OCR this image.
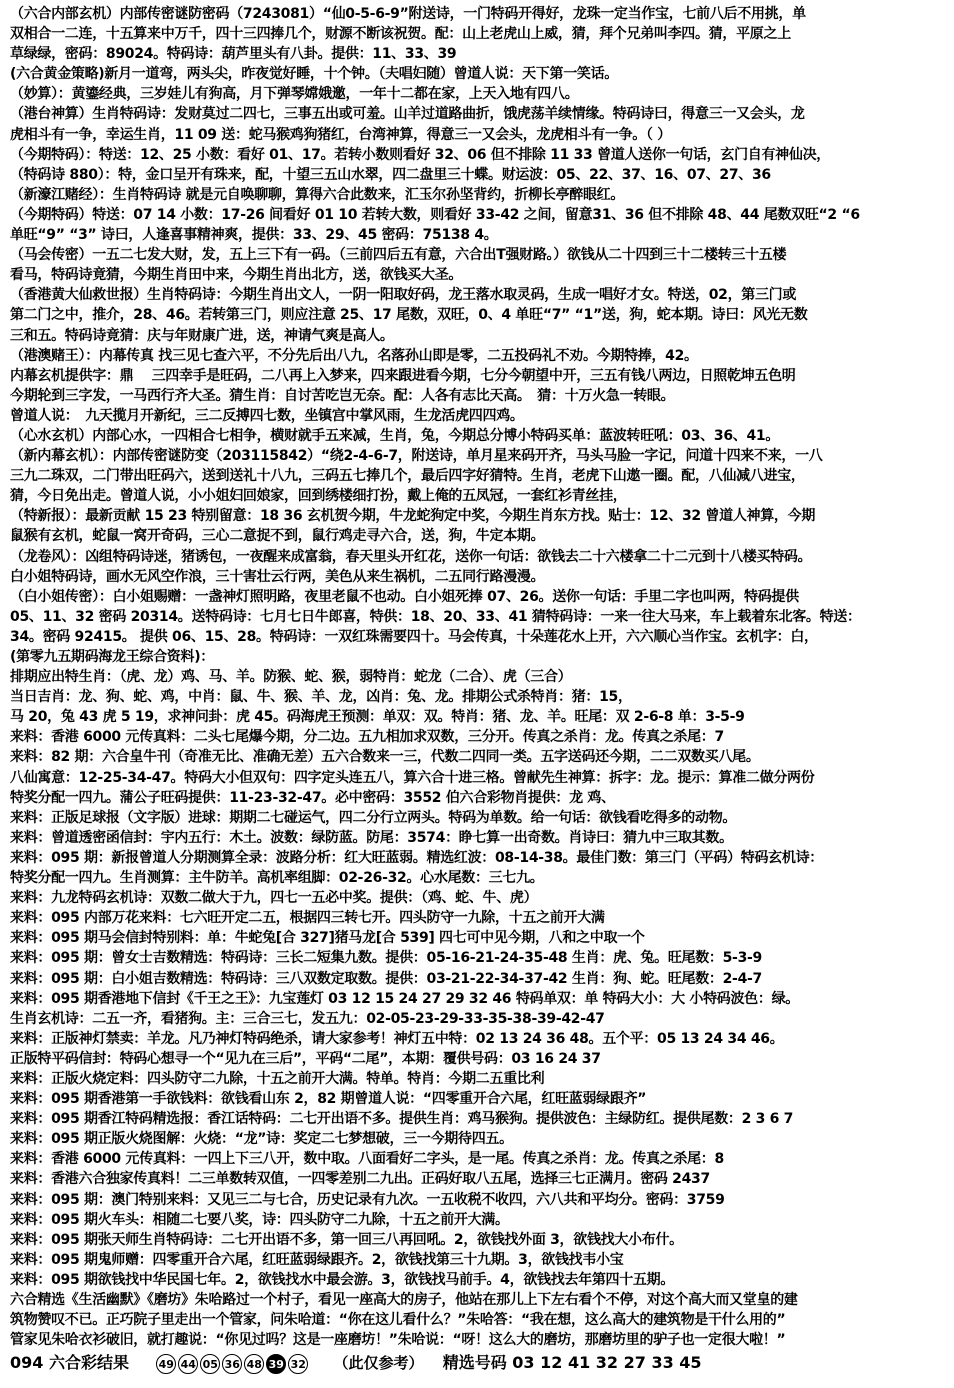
（六合内部玄机）内部传密谜防密码（7243081）“仙0-5-6-9”附送诗，一门特码开得好，龙珠一定当作宝，七前八后不用挑，单

双相合一二连，十五算来中万千，四十三四捧几个，财源不断该祝贺。配：山上老虎山上威，猜，拜个兄弟叫李四。猜，平原之上

草绿绿，密码：89024。特码诗：葫芦里头有八卦。提供：11、33、39

(六合黄金策略)新月一道弯，两头尖，昨夜觉好睡，十个钟。（夫唱妇随）曾道人说：天下第一笑话。

（妙算）：黄鎏经典，三岁娃儿有狗高，月下弹琴嫦娥邀，一年十二都在家，上天入地有四八。

（港台神算）生肖特码诗：发财莫过二四七，三事五出或可羞。山羊过道路曲折，饿虎荡羊续情缘。特码诗曰，得意三一又会头，龙

虎相斗有一争，幸运生肖，11 09 送：蛇马猴鸡狗猪红，台湾神算，得意三一又会头，龙虎相斗有一争。（ ）

（今期特码）：特送：12、25 小数：看好 01、17。若转小数则看好 32、06 但不排除 11 33 曾道人送你一句话，玄门自有神仙决，

（特码诗 880）：特，金口呈开有珠来，配，十望三五山水翠，四二盘里三十蝶。财运波：05、22、37、16、07、27、36

（新濠江赌经）：生肖特码诗 就是元自唤聊聊，算得六合此数来，汇玉尔孙坚背约，折柳长亭醉眼红。

（今期特码）特送：07 14 小数：17-26 间看好 01 10 若转大数，则看好 33-42 之间，留意31、36 但不排除 48、44 尾数双旺“2 “6

单旺“9” “3” 诗曰，人逢喜事精神爽，提供：33、29、45 密码：75138 4。

（马会传密）一五二七发大财，发，五上三下有一码。（三前四后五有意，六合出T强财路。）欲钱从二十四到三十二楼转三十五楼

看马，特码诗竟猜，今期生肖田中来，今期生肖出北方，送，欲钱买大圣。

（香港黄大仙救世报）生肖特码诗：今期生肖出文人，一阴一阳取好码，龙王落水取灵码，生成一唱好才女。特送，02，第三门或

第二门之中，推介，28、46。若转第三门，则应注意 25、17 尾数，双旺，0、4 单旺“7” “1”送，狗，蛇本期。诗曰：风光无数

三和五。特码诗竟猜：庆与年财康广进，送，神请气爽是高人。

（港澳赌王）：内幕传真 找三见七查六平，不分先后出八九，名落孙山即是零，二五投码礼不劝。今期特捧，42。

内幕玄机提供字：鼎　 三四幸手是旺码，二八再上入梦来，四来跟进看今期，七分今朝望中开，三五有钱八两边，日照乾坤五色明

今期轮到三字发，一马西行齐大圣。猜生肖：自讨苦吃岂无奈。配：人各有志比天高。　猜：十万火急一转眼。

曾道人说：　九天揽月开新纪，三二反搏四七数，坐镇宫中掌风雨，生龙活虎四四鸡。

（心水玄机）内部心水，一四相合七相争，横财就手五来减，生肖，兔，今期总分博小特码买单：蓝波转旺吼：03、36、41。

（新内幕玄机）：内部传密谜防变（203115842）“绕2-4-6-7，附送诗，单月星来码开齐，马头马脸一字记，问道十四来不来，一八

三九二珠双，二门带出旺码六，送到送礼十八九，三码五七捧几个，最后四字好猜特。生肖，老虎下山遨一圈。配，八仙减八进宝，

猜，今日免出走。曾道人说，小小姐妇回娘家，回到绣楼细打扮，戴上俺的五凤冠，一套红衫青丝挂，

（特新报）：最新贡献 15 23 特别留意：18 36 玄机贺今期，牛龙蛇狗定中奖，今期生肖东方找。贴士：12、32 曾道人神算，今期

鼠猴有玄机，蛇鼠一窝开奇码，三心二意捉不到，鼠行鸡走寻六合，送，狗，牛定本期。

（龙卷风）：凶组特码诗迷，猪诱包，一夜醒来成富翁，春天里头开红花，送你一句话：欲钱去二十六楼拿二十二元到十八楼买特码。

白小姐特码诗，画水无风空作浪，三十害壮云行两，美色从来生祸机，二五同行路漫漫。

（白小姐传密）：白小姐赐赠：一盏神灯照明路，夜里老鼠不也动。白小姐死捧 07、26。送你一句话：手里二字也叫两，特码提供

05、11、32 密码 20314。送特码诗：七月七日牛郎喜，特供：18、20、33、41 猜特码诗：一来一往大马来，车上载着东北客。特送：

34。密码 92415。 提供 06、15、28。特码诗：一双红珠需要四十。马会传真，十朵莲花水上开，六六顺心当作宝。玄机字：白，

(第零九五期码海龙王综合资料)：

排期应出特生肖：（虎、龙）鸡、马、羊。防猴、蛇、猴，弱特肖：蛇龙（二合）、虎（三合）

当日吉肖：龙、狗、蛇、鸡，中肖：鼠、牛、猴、羊、龙，凶肖：兔、龙。排期公式杀特肖：猪：15，

马 20，兔 43 虎 5 19，求神问卦：虎 45。码海虎王预测：单双：双。特肖：猪、龙、羊。旺尾：双 2-6-8 单：3-5-9

来料：香港 6000 元传真料：二头七尾爆今期，分二边。五九相加求双数，三分开。传真之杀肖：龙。传真之杀尾：7

来料：82 期：六合皇牛刊（奇准无比、准确无差）五六合数来一三，代数二四同一类。五字送码还今期，二二双数买八尾。

八仙寓意：12-25-34-47。特码大小但双句：四字定头连五八，算六合十进三格。曾献先生神算：拆字：龙。提示：算准二做分两份

特奖分配一四九。蒲公子旺码提供：11-23-32-47。必中密码：3552 伯六合彩物肖提供：龙 鸡、

来料：正版足球报（文字版）进球：期期二七碰运气，四二分行立两头。特码为单数。给一句话：欲钱看吃得多的动物。

来料：曾道透密函信封：宇内五行：木土。波数：绿防蓝。防尾：3574：睁七算一出奇数。肖诗曰：猜九中三取其数。

来料：095 期：新报曾道人分期测算全录：波路分析：红大旺蓝弱。精选红波：08-14-38。最佳门数：第三门（平码）特码玄机诗：

特奖分配一四九。生肖测算：主牛防羊。高机率组脚：02-26-32。心水尾数：三七九。

来料：九龙特码玄机诗：双数二做大于九，四七一五必中奖。提供：（鸡、蛇、牛、虎）

来料：095 内部万花来料：七六旺开定二五，根据四三转七开。四头防守一九除，十五之前开大满

来料：095 期马会信封特别料：单：牛蛇兔[合 327]猪马龙[合 539] 四七可中见今期，八和之中取一个

来料：095 期：曾女士吉数精选：特码诗：三长二短集九数。提供：05-16-21-24-35-48 生肖：虎、兔。旺尾数：5-3-9

来料：095 期：白小姐吉数精选：特码诗：三八双数定取数。提供：03-21-22-34-37-42 生肖：狗、蛇。旺尾数：2-4-7

来料：095 期香港地下信封《千王之王》：九宝莲灯 03 12 15 24 27 29 32 46 特码单双：单 特码大小：大 小特码波色：绿。

生肖玄机诗：二五一齐，看猪狗。主：三合三七，发五九：02-05-23-29-33-35-38-39-42-47

来料：正版神灯禁卖：羊龙。凡乃神灯特码绝杀，请大家参考！神灯五中特：02 13 24 36 48。五个平：05 13 24 34 46。

正版特平码信封：特码心想寻一个“见九在三后”，平码“二尾”，本期：覆供号码：03 16 24 37

来料：正版火烧定料：四头防守二九除，十五之前开大满。特单。特肖：今期二五重比利

来料：095 期香港第一手欲钱料：欲钱看山东 2，82 期曾道人说：“四零重开合六尾，红旺蓝弱绿跟齐”

来料：095 期香江特码精选报：香江话特码：二七开出语不多。提供生肖：鸡马猴狗。提供波色：主绿防红。提供尾数：2 3 6 7

来料：095 期正版火烧图解：火烧：“龙”诗：奖定二七梦想破，三一今期待四五。

来料：香港 6000 元传真料：一四上下三八开，数中取。八面看好二字头，是一尾。传真之杀肖：龙。传真之杀尾：8

来料：香港六合独家传真料！二三单数转双值，一四零差别二九出。正码好取八五尾，选择三七正满月。密码 2437

来料：095 期：澳门特别来料：又见三二与七合，历史记录有九次。一五收税不收四，六八共和平均分。密码：3759

来料：095 期火车头：相随二七要八奖，诗：四头防守二九除，十五之前开大满。

来料：095 期张天师生肖特码诗：二七开出语不多，第一回三八再回吼。2，欲钱找外面 3，欲钱找大小布什。

来料：095 期鬼师赠：四零重开合六尾，红旺蓝弱绿跟齐。2，欲钱找第三十九期。3，欲钱找韦小宝

来料：095 期欲钱找中华民国七年。2，欲钱找水中最会游。3，欲钱找马前手。4，欲钱找去年第四十五期。

六合精选《生活幽默》《磨坊》朱哈路过一个村子，看见一座高大的房子，他站在那儿上下左右看个不停，对这个高大而又堂皇的建

筑物赞叹不已。正巧院子里走出一个管家，问朱哈道：“你在这儿看什么？”朱哈答：“我在想，这么高大的建筑物是干什么用的”

管家见朱哈衣衫破旧，就打趣说：“你见过吗？这是一座磨坊！”朱哈说：“呀！这么大的磨坊，那磨坊里的驴子也一定很大啦！”

094 六合彩结果	49 44 05 36 48 39 32 （此仅参考） 精选号码 03 12 41 32 27 33 45
